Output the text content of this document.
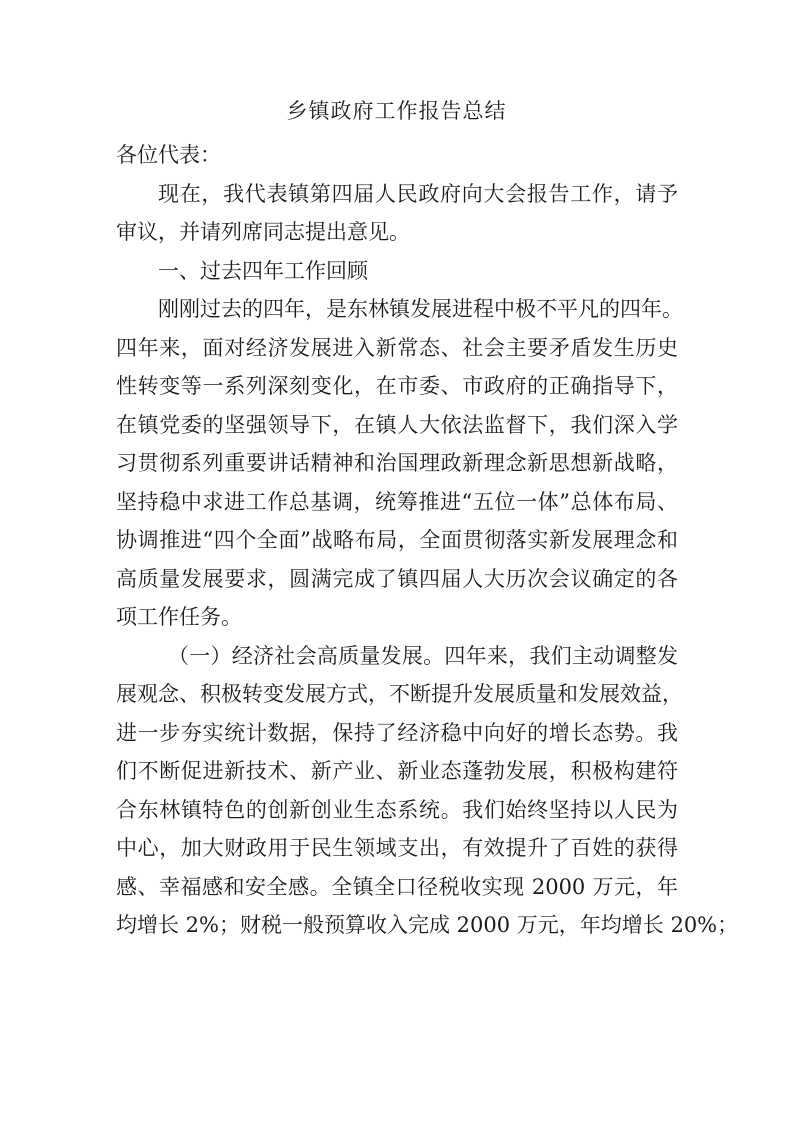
乡镇政府工作报告总结
各位代表：
现在，我代表镇第四届人民政府向大会报告工作，请予
审议，并请列席同志提出意见。
一、过去四年工作回顾
刚刚过去的四年，是东林镇发展进程中极不平凡的四年。
四年来，面对经济发展进入新常态、社会主要矛盾发生历史
性转变等一系列深刻变化，在市委、市政府的正确指导下，
在镇党委的坚强领导下，在镇人大依法监督下，我们深入学
习贯彻系列重要讲话精神和治国理政新理念新思想新战略，
坚持稳中求进工作总基调，统筹推进“五位一体”总体布局、
协调推进“四个全面”战略布局，全面贯彻落实新发展理念和
高质量发展要求，圆满完成了镇四届人大历次会议确定的各
项工作任务。
（一）经济社会高质量发展。四年来，我们主动调整发
展观念、积极转变发展方式，不断提升发展质量和发展效益，
进一步夯实统计数据，保持了经济稳中向好的增长态势。我
们不断促进新技术、新产业、新业态蓬勃发展，积极构建符
合东林镇特色的创新创业生态系统。我们始终坚持以人民为
中心，加大财政用于民生领域支出，有效提升了百姓的获得
感、幸福感和安全感。全镇全口径税收实现 2000 万元，年
均增长 2%；财税一般预算收入完成 2000 万元，年均增长 20%；
